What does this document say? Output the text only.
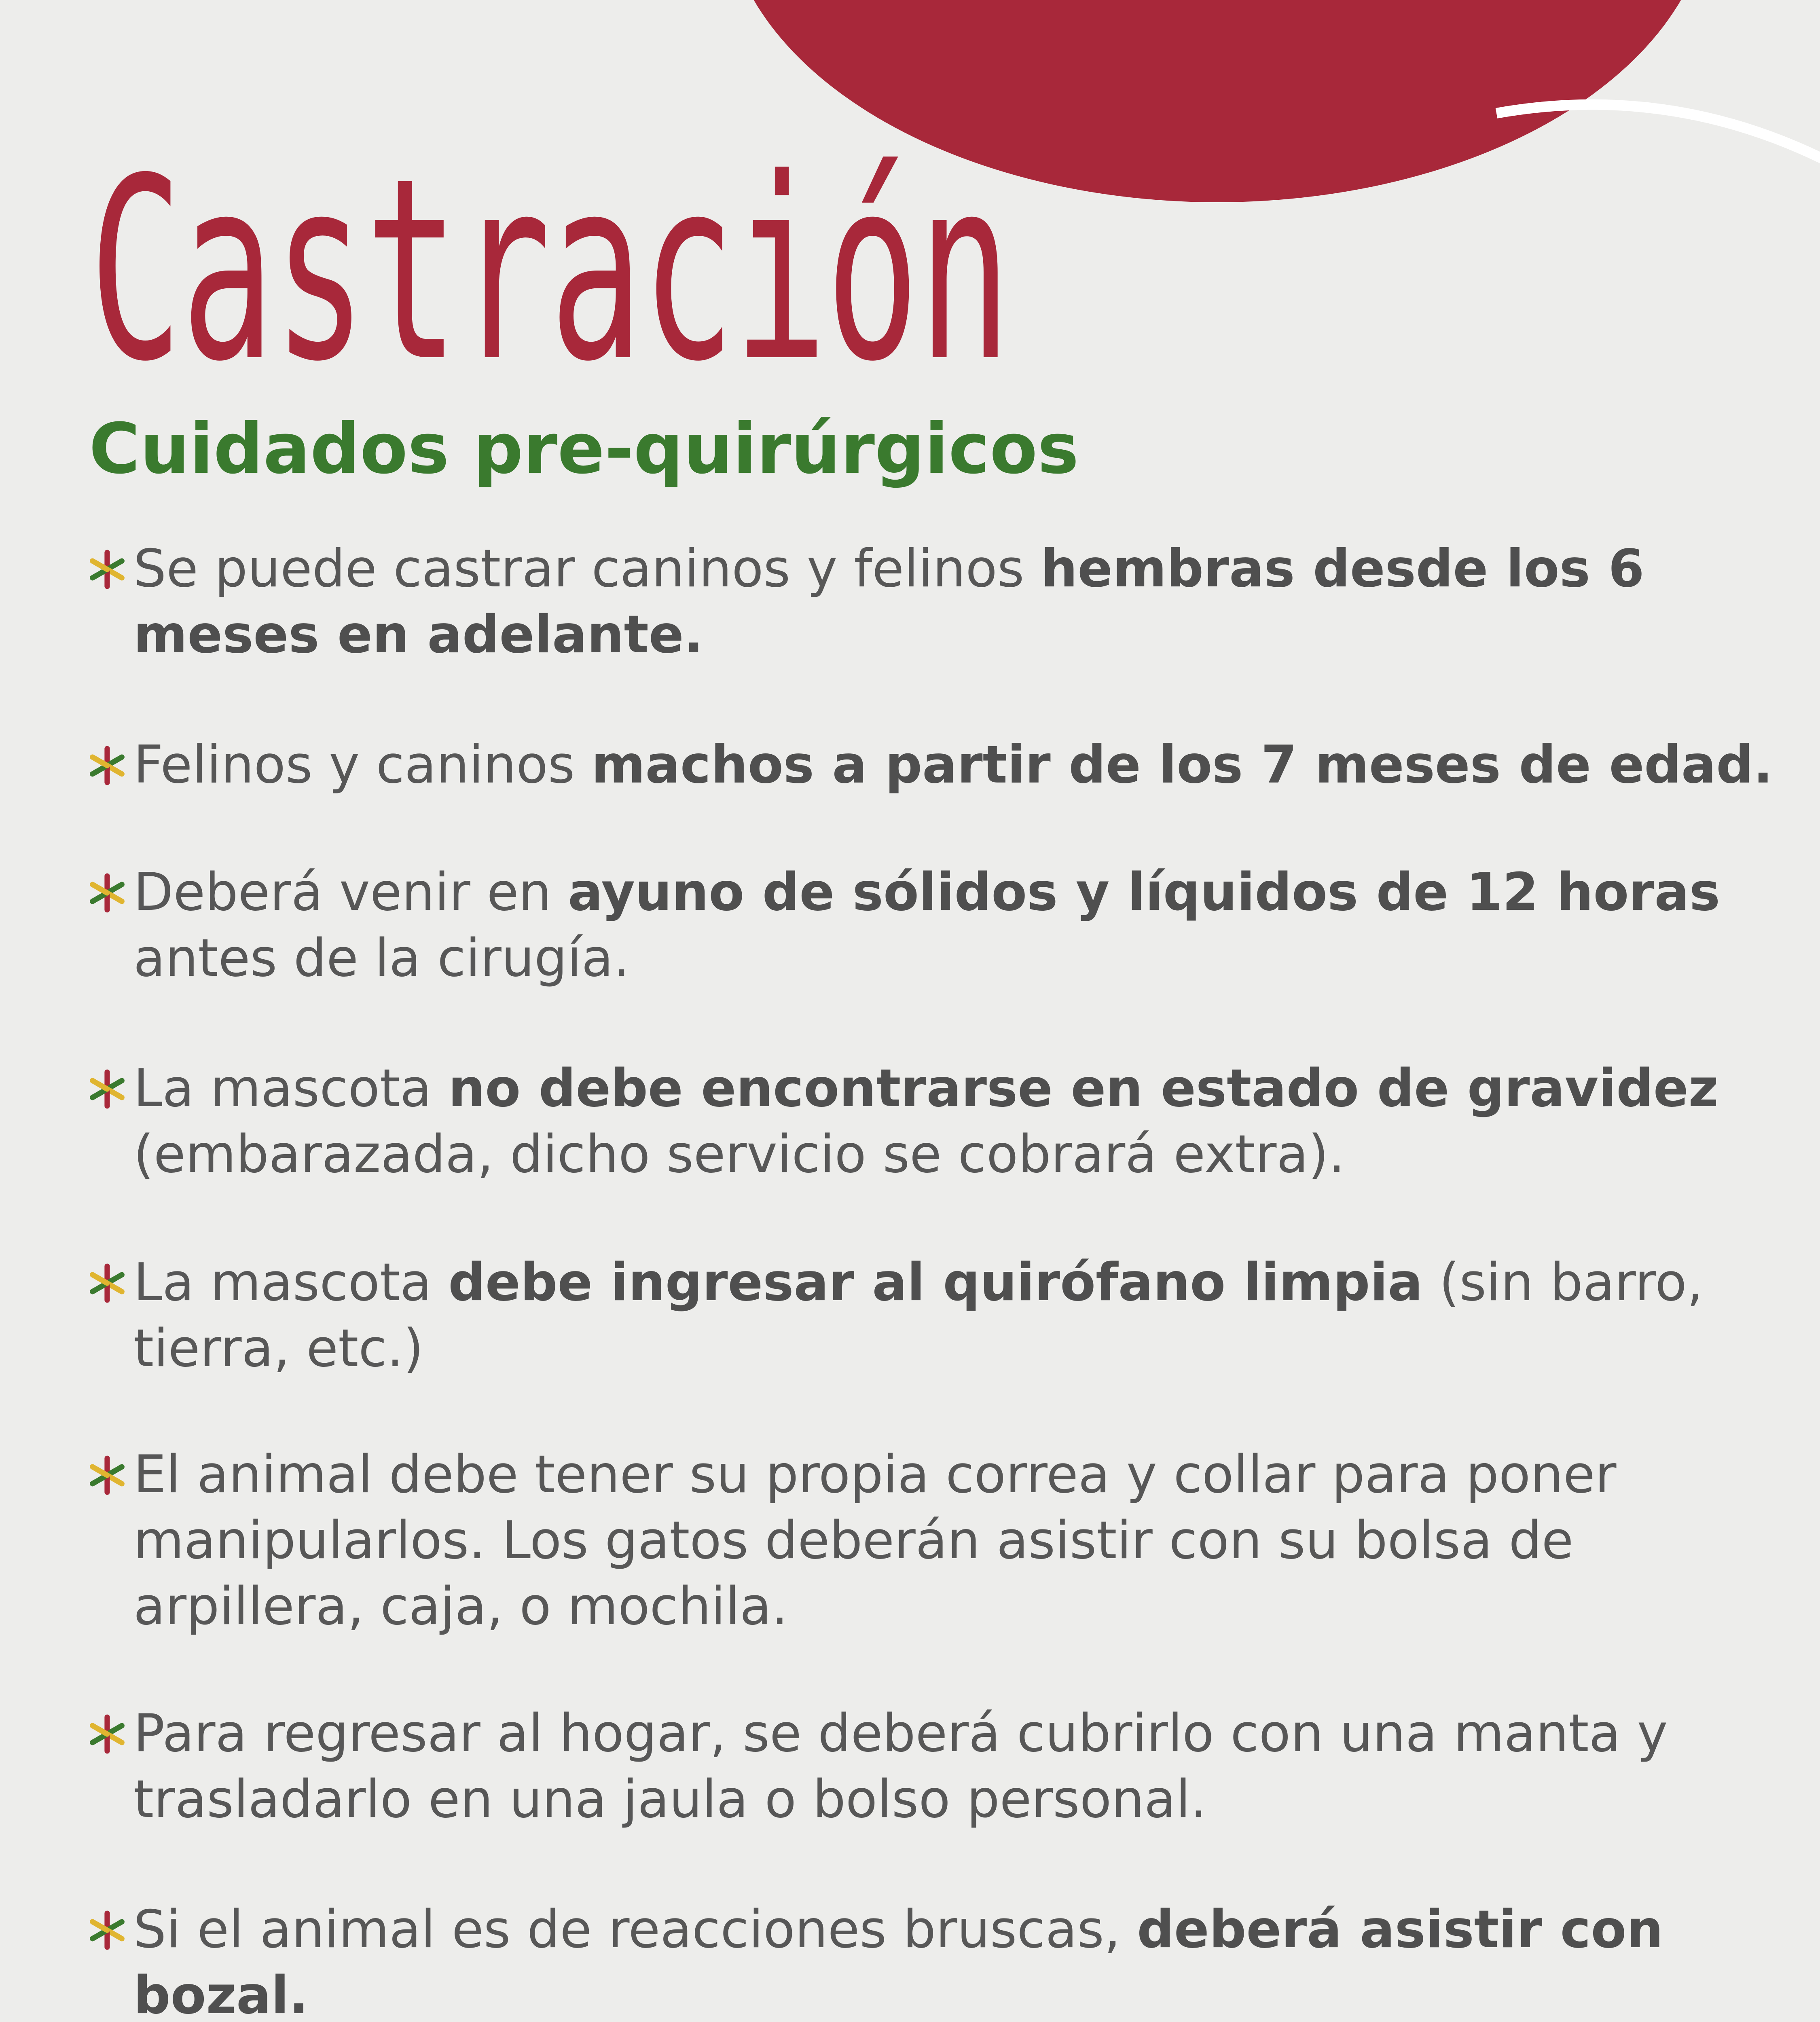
Castración
Cuidados pre-quirúrgicos
Se puede castrar caninos y felinos hembras desde los 6 meses en adelante.
Felinos y caninos machos a partir de los 7 meses de edad.
Deberá venir en ayuno de sólidos y líquidos de 12 horas antes de la cirugía.
La mascota no debe encontrarse en estado de gravidez (embarazada, dicho servicio se cobrará extra).
La mascota debe ingresar al quirófano limpia (sin barro, tierra, etc.)
El animal debe tener su propia correa y collar para poner manipularlos. Los gatos deberán asistir con su bolsa de arpillera, caja, o mochila.
Para regresar al hogar, se deberá cubrirlo con una manta y trasladarlo en una jaula o bolso personal.
Si el animal es de reacciones bruscas, deberá asistir con bozal.
